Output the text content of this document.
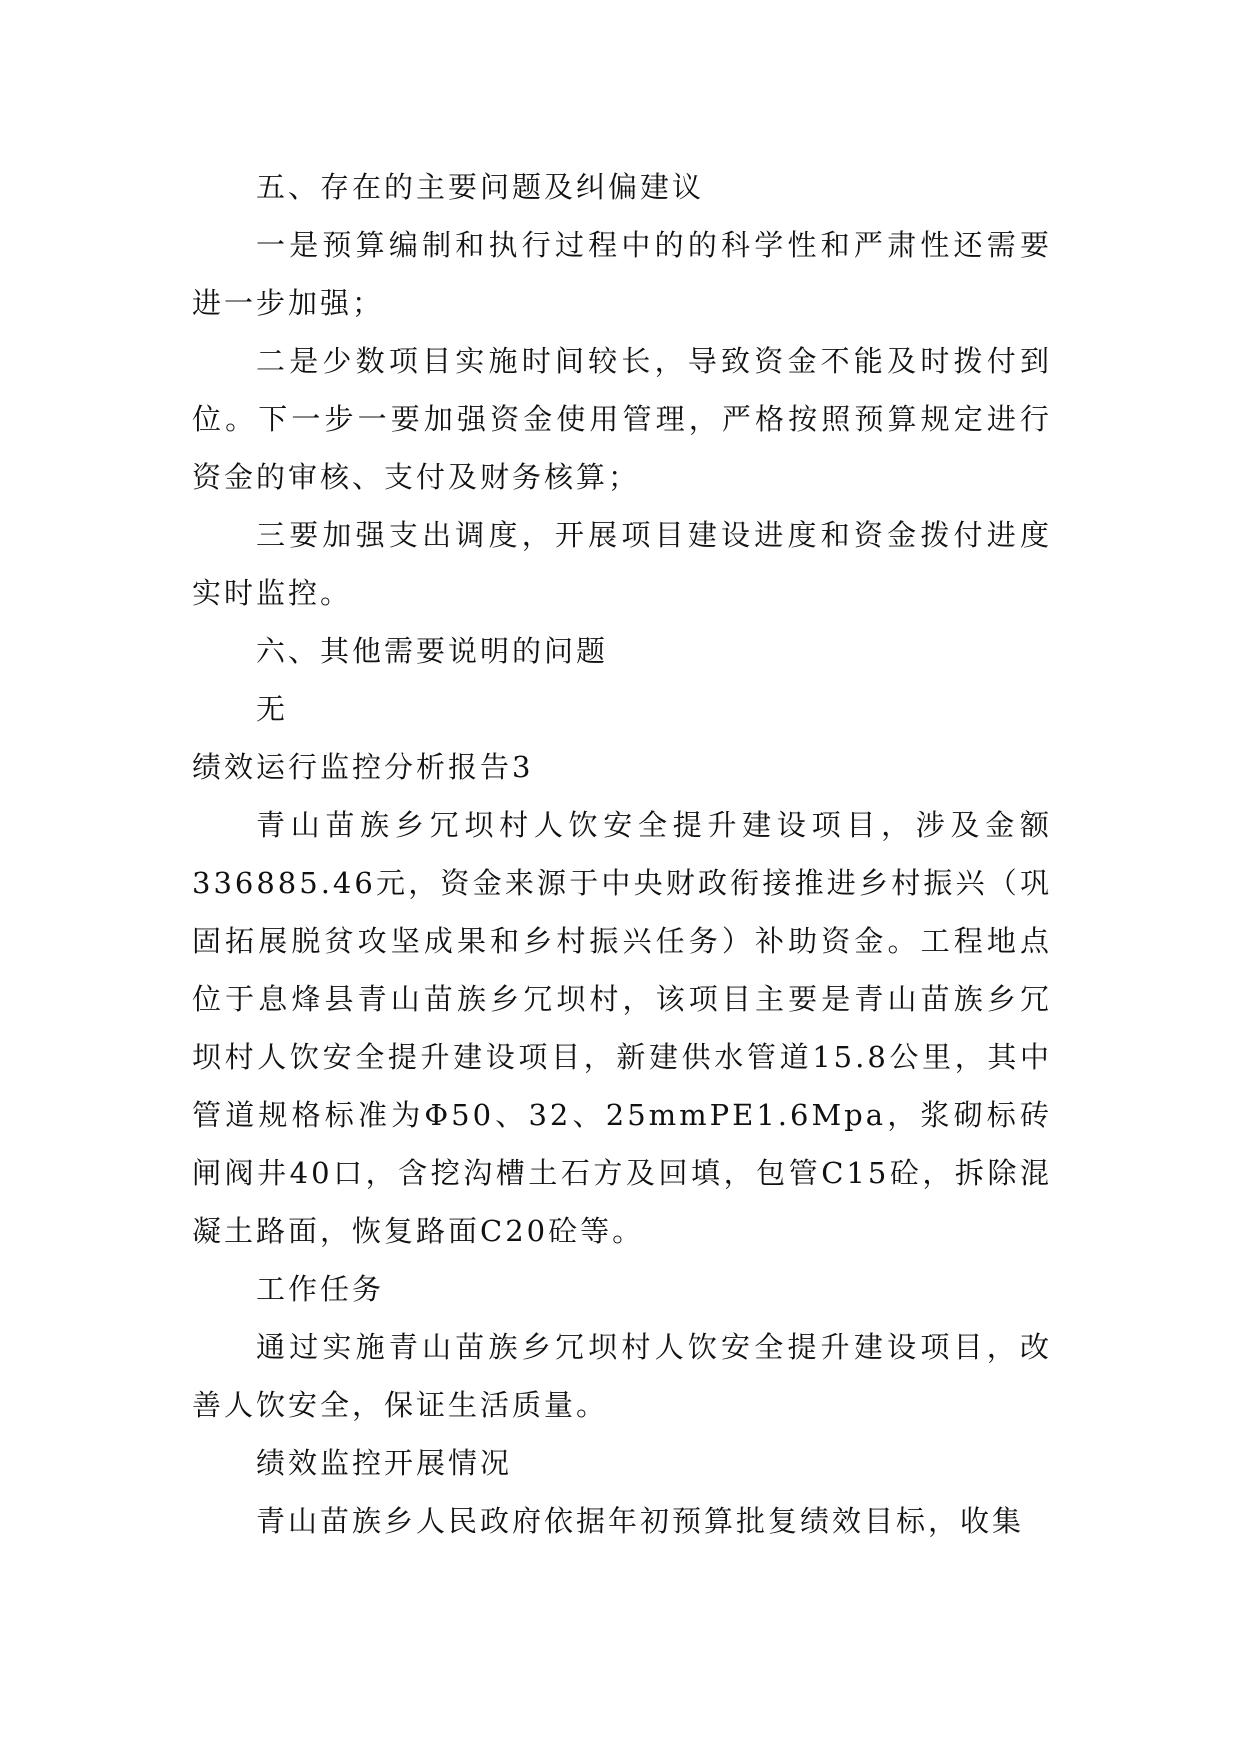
五、存在的主要问题及纠偏建议

一是预算编制和执行过程中的的科学性和严肃性还需要进一步加强；

二是少数项目实施时间较长，导致资金不能及时拨付到位。下一步一要加强资金使用管理，严格按照预算规定进行资金的审核、支付及财务核算；

三要加强支出调度，开展项目建设进度和资金拨付进度实时监控。

六、其他需要说明的问题

无

绩效运行监控分析报告3

青山苗族乡冗坝村人饮安全提升建设项目，涉及金额336885.46元，资金来源于中央财政衔接推进乡村振兴（巩固拓展脱贫攻坚成果和乡村振兴任务）补助资金。工程地点位于息烽县青山苗族乡冗坝村，该项目主要是青山苗族乡冗坝村人饮安全提升建设项目，新建供水管道15.8公里，其中管道规格标准为Φ50、32、25mmPE1.6Mpa，浆砌标砖闸阀井40口，含挖沟槽土石方及回填，包管C15砼，拆除混凝土路面，恢复路面C20砼等。

工作任务

通过实施青山苗族乡冗坝村人饮安全提升建设项目，改善人饮安全，保证生活质量。

绩效监控开展情况

青山苗族乡人民政府依据年初预算批复绩效目标，收集
